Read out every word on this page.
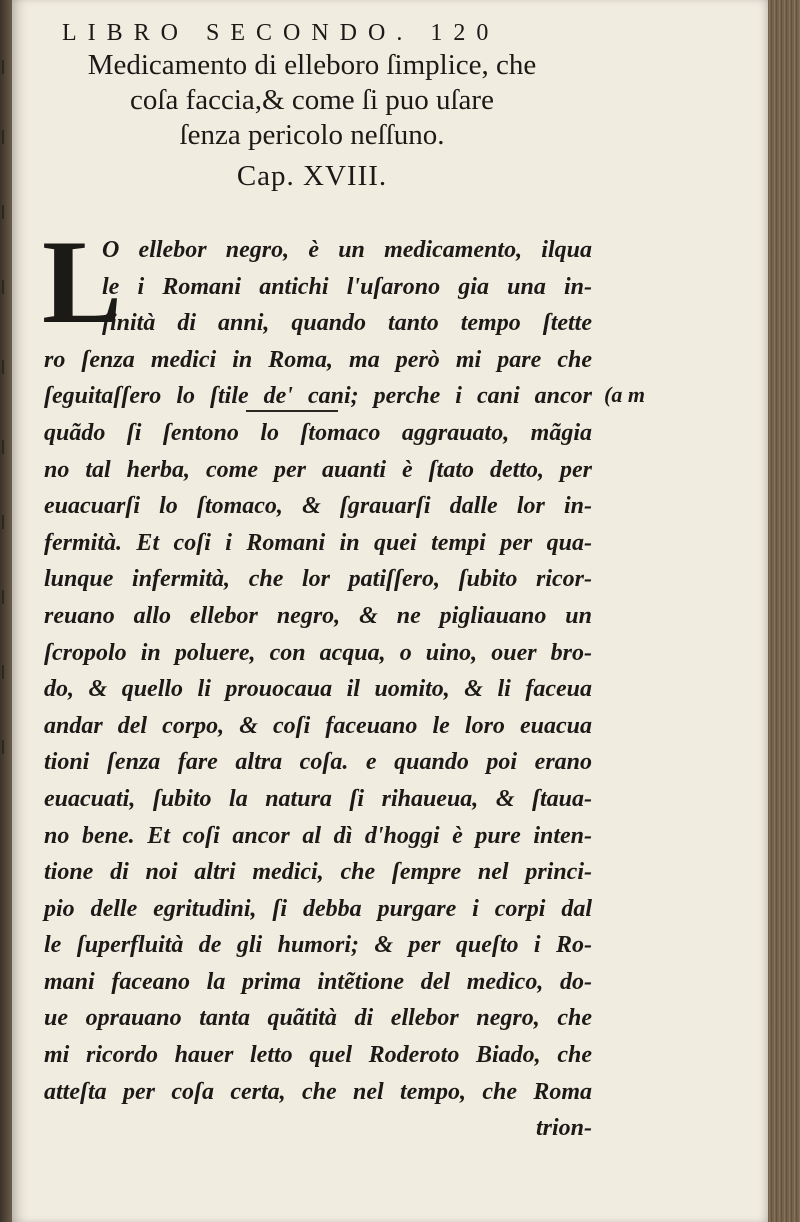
LIBRO SECONDO. 120
Medicamento di elleboro ſimplice, che
coſa faccia,& come ſi puo uſare
ſenza pericolo neſſuno.
Cap. XVIII.
L
O ellebor negro, è un medicamento, ilqua
le i Romani antichi l'uſarono gia una in-
finità di anni, quando tanto tempo ſtette
ro ſenza medici in Roma, ma però mi pare che
ſeguitaſſero lo ſtile de' cani; perche i cani ancor
quãdo ſi ſentono lo ſtomaco aggrauato, mãgia
no tal herba, come per auanti è ſtato detto, per
euacuarſi lo ſtomaco, & ſgrauarſi dalle lor in-
fermità. Et coſi i Romani in quei tempi per qua-
lunque infermità, che lor patiſſero, ſubito ricor-
reuano allo ellebor negro, & ne pigliauano un
ſcropolo in poluere, con acqua, o uino, ouer bro-
do, & quello li prouocaua il uomito, & li faceua
andar del corpo, & coſi faceuano le loro euacua
tioni ſenza fare altra coſa. e quando poi erano
euacuati, ſubito la natura ſi rihaueua, & ſtaua-
no bene. Et coſi ancor al dì d'hoggi è pure inten-
tione di noi altri medici, che ſempre nel princi-
pio delle egritudini, ſi debba purgare i corpi dal
le ſuperfluità de gli humori; & per queſto i Ro-
mani faceano la prima intẽtione del medico, do-
ue oprauano tanta quãtità di ellebor negro, che
mi ricordo hauer letto quel Roderoto Biado, che
atteſta per coſa certa, che nel tempo, che Roma
trion-
(a m
